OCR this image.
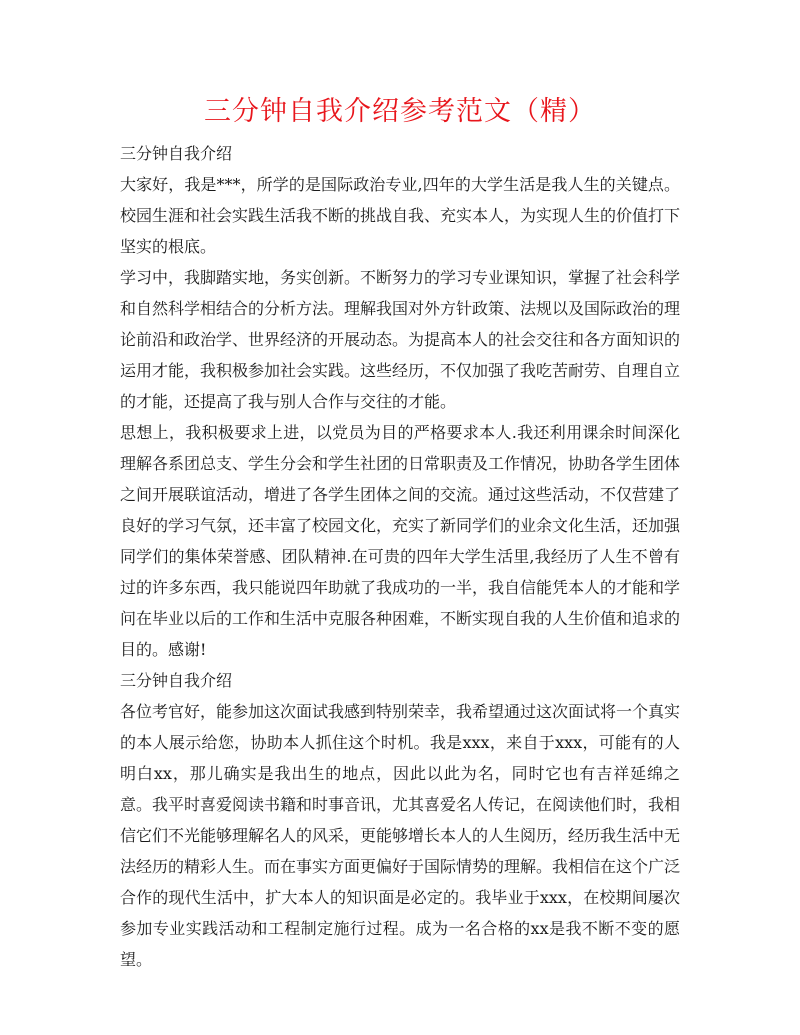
三分钟自我介绍参考范文（精）

三分钟自我介绍

大家好，我是***，所学的是国际政治专业,四年的大学生活是我人生的关键点。校园生涯和社会实践生活我不断的挑战自我、充实本人，为实现人生的价值打下坚实的根底。

学习中，我脚踏实地，务实创新。不断努力的学习专业课知识，掌握了社会科学和自然科学相结合的分析方法。理解我国对外方针政策、法规以及国际政治的理论前沿和政治学、世界经济的开展动态。为提高本人的社会交往和各方面知识的运用才能，我积极参加社会实践。这些经历，不仅加强了我吃苦耐劳、自理自立的才能，还提高了我与别人合作与交往的才能。

思想上，我积极要求上进，以党员为目的严格要求本人.我还利用课余时间深化理解各系团总支、学生分会和学生社团的日常职责及工作情况，协助各学生团体之间开展联谊活动，增进了各学生团体之间的交流。通过这些活动，不仅营建了良好的学习气氛，还丰富了校园文化，充实了新同学们的业余文化生活，还加强同学们的集体荣誉感、团队精神.在可贵的四年大学生活里,我经历了人生不曾有过的许多东西，我只能说四年助就了我成功的一半，我自信能凭本人的才能和学问在毕业以后的工作和生活中克服各种困难，不断实现自我的人生价值和追求的目的。感谢!

三分钟自我介绍

各位考官好，能参加这次面试我感到特别荣幸，我希望通过这次面试将一个真实的本人展示给您，协助本人抓住这个时机。我是xxx，来自于xxx，可能有的人明白xx，那儿确实是我出生的地点，因此以此为名，同时它也有吉祥延绵之意。我平时喜爱阅读书籍和时事音讯，尤其喜爱名人传记，在阅读他们时，我相信它们不光能够理解名人的风采，更能够增长本人的人生阅历，经历我生活中无法经历的精彩人生。而在事实方面更偏好于国际情势的理解。我相信在这个广泛合作的现代生活中，扩大本人的知识面是必定的。我毕业于xxx，在校期间屡次参加专业实践活动和工程制定施行过程。成为一名合格的xx是我不断不变的愿望。
